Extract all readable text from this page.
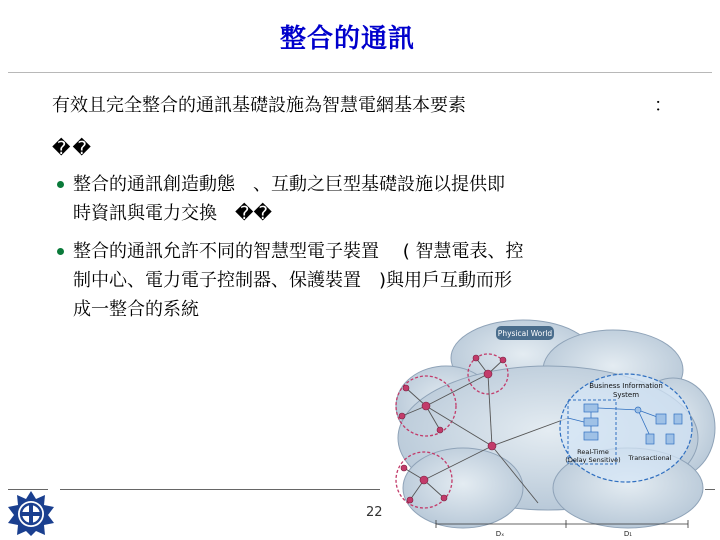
整合的通訊
有效且完全整合的通訊基礎設施為智慧電網基本要素	：
��
整合的通訊創造動態　、互動之巨型基礎設施以提供即
時資訊與電力交換　��
整合的通訊允許不同的智慧型電子裝置　 ( 智慧電表、控
制中心、電力電子控制器、保護裝置　)與用戶互動而形
成一整合的系統
22
Physical World
Business Information
System
Real-Time
(Delay Sensitive) Transactional
Dₓ	D₁
